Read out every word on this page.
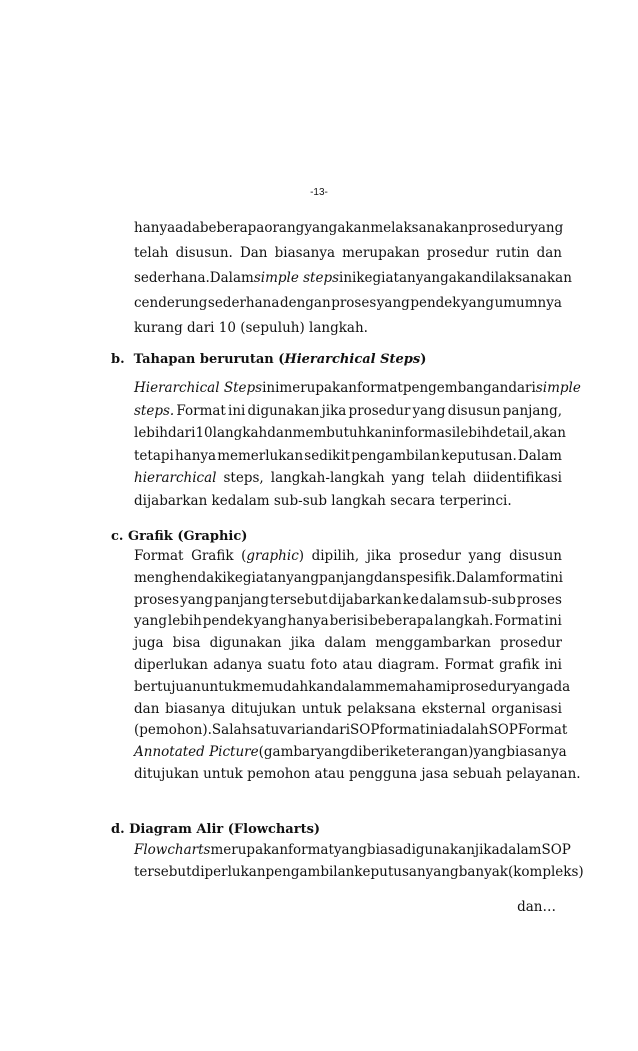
-13-
hanya ada beberapa orang yang akan melaksanakan prosedur yang
telah disusun. Dan biasanya merupakan prosedur rutin dan
sederhana. Dalam simple steps ini kegiatan yang akan dilaksanakan
cenderung sederhana dengan proses yang pendek yang umumnya
kurang dari 10 (sepuluh) langkah.
b.  Tahapan berurutan (Hierarchical Steps)
Hierarchical Steps ini merupakan format pengembangan dari simple
steps. Format ini digunakan jika prosedur yang disusun panjang,
lebih dari 10 langkah dan membutuhkan informasi lebih detail, akan
tetapi hanya memerlukan sedikit pengambilan keputusan. Dalam
hierarchical steps, langkah-langkah yang telah diidentifikasi
dijabarkan kedalam sub-sub langkah secara terperinci.
c. Grafik (Graphic)
Format Grafik (graphic) dipilih, jika prosedur yang disusun
menghendaki kegiatan yang panjang dan spesifik. Dalam format ini
proses yang panjang tersebut dijabarkan ke dalam sub-sub proses
yang lebih pendek yang hanya berisi beberapa langkah. Format ini
juga bisa digunakan jika dalam menggambarkan prosedur
diperlukan adanya suatu foto atau diagram. Format grafik ini
bertujuan untuk memudahkan dalam memahami prosedur yang ada
dan biasanya ditujukan untuk pelaksana eksternal organisasi
(pemohon). Salah satu varian dari SOP format ini adalah SOP Format
Annotated Picture (gambar yang diberi keterangan) yang biasanya
ditujukan untuk pemohon atau pengguna jasa sebuah pelayanan.
d. Diagram Alir (Flowcharts)
Flowcharts merupakan format yang biasa digunakan jika dalam SOP
tersebut diperlukan pengambilan keputusan yang banyak (kompleks)
dan…
